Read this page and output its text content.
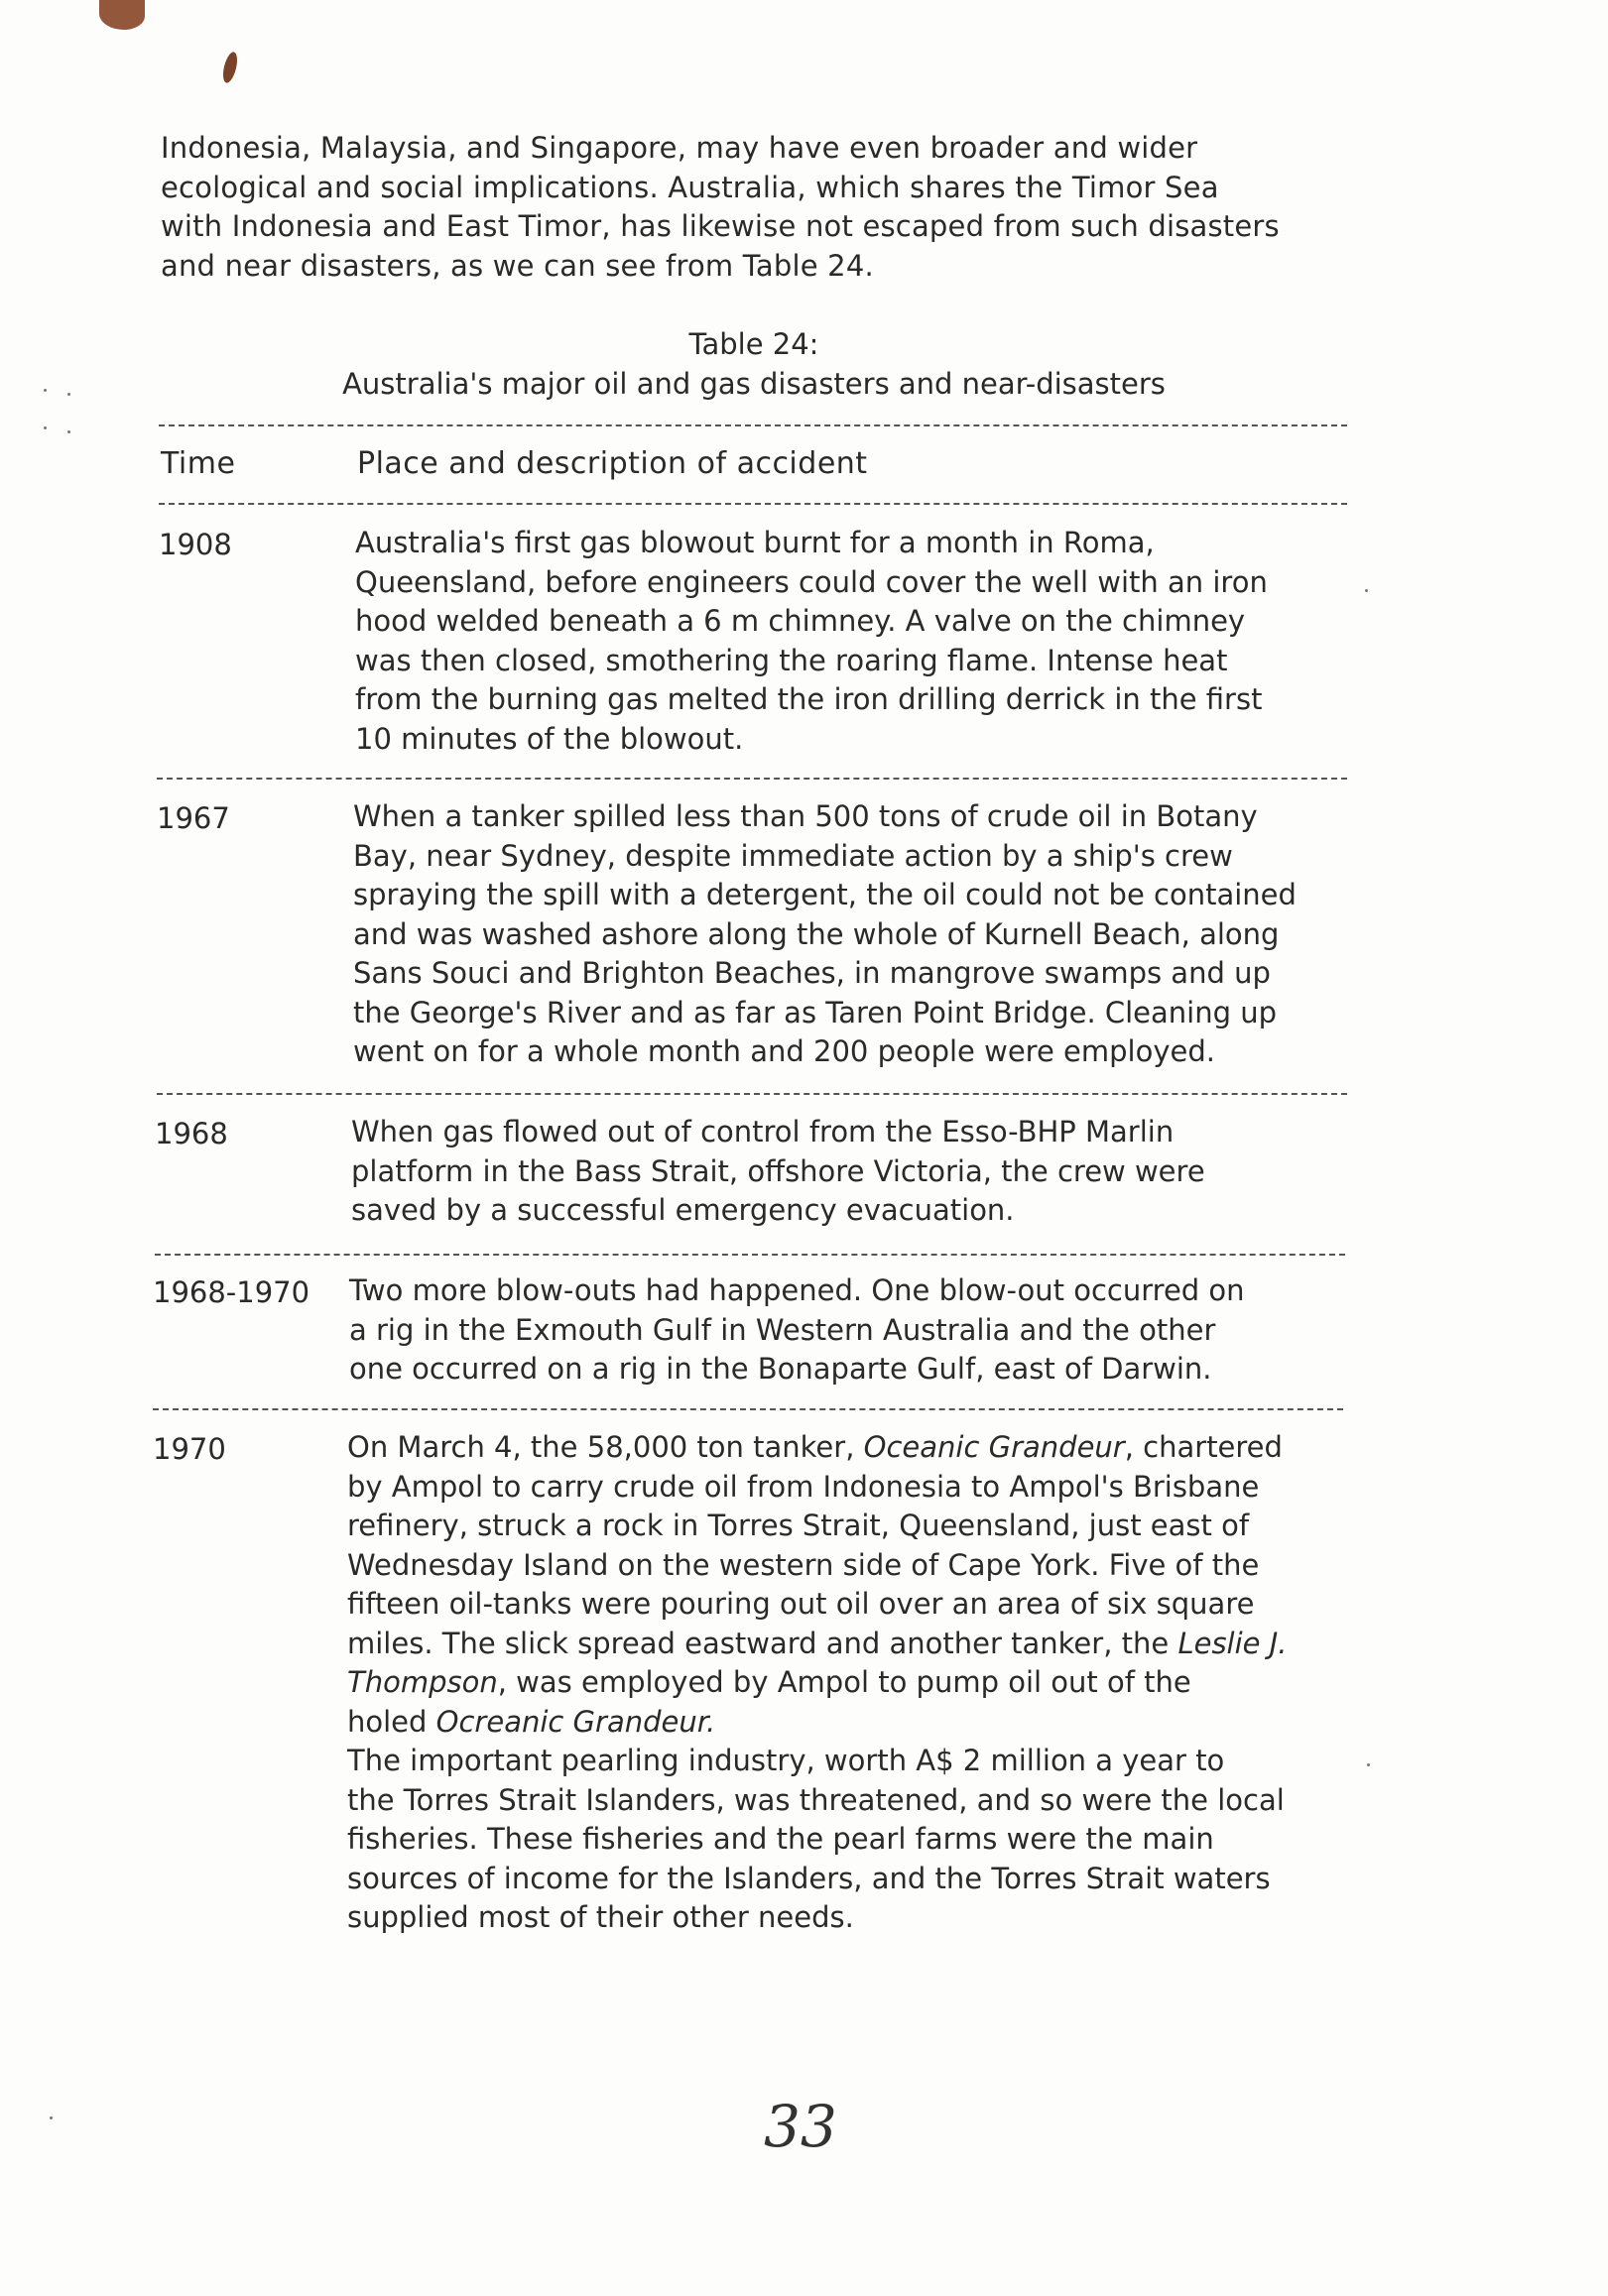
Indonesia, Malaysia, and Singapore, may have even broader and wider
ecological and social implications. Australia, which shares the Timor Sea
with Indonesia and East Timor, has likewise not escaped from such disasters
and near disasters, as we can see from Table 24.
Table 24:
Australia's major oil and gas disasters and near-disasters
Time	Place and description of accident
1908	Australia's first gas blowout burnt for a month in Roma,
Queensland, before engineers could cover the well with an iron
hood welded beneath a 6 m chimney. A valve on the chimney
was then closed, smothering the roaring flame. Intense heat
from the burning gas melted the iron drilling derrick in the first
10 minutes of the blowout.
1967	When a tanker spilled less than 500 tons of crude oil in Botany
Bay, near Sydney, despite immediate action by a ship's crew
spraying the spill with a detergent, the oil could not be contained
and was washed ashore along the whole of Kurnell Beach, along
Sans Souci and Brighton Beaches, in mangrove swamps and up
the George's River and as far as Taren Point Bridge. Cleaning up
went on for a whole month and 200 people were employed.
1968	When gas flowed out of control from the Esso-BHP Marlin
platform in the Bass Strait, offshore Victoria, the crew were
saved by a successful emergency evacuation.
1968-1970 Two more blow-outs had happened. One blow-out occurred on
a rig in the Exmouth Gulf in Western Australia and the other
one occurred on a rig in the Bonaparte Gulf, east of Darwin.
1970	On March 4, the 58,000 ton tanker, Oceanic Grandeur, chartered
by Ampol to carry crude oil from Indonesia to Ampol's Brisbane
refinery, struck a rock in Torres Strait, Queensland, just east of
Wednesday Island on the western side of Cape York. Five of the
fifteen oil-tanks were pouring out oil over an area of six square
miles. The slick spread eastward and another tanker, the Leslie J.
Thompson, was employed by Ampol to pump oil out of the
holed Ocreanic Grandeur.
The important pearling industry, worth A$ 2 million a year to
the Torres Strait Islanders, was threatened, and so were the local
fisheries. These fisheries and the pearl farms were the main
sources of income for the Islanders, and the Torres Strait waters
supplied most of their other needs.
33
